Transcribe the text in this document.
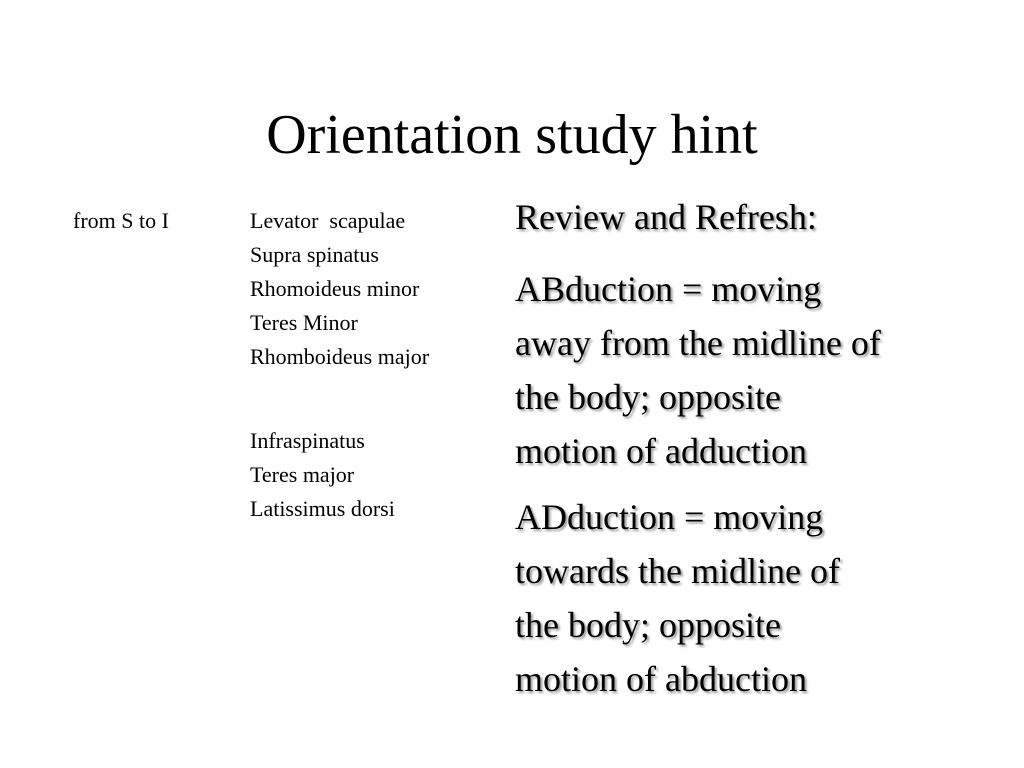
Orientation study hint
from S to I	Levator  scapulae
Supra spinatus
Rhomoideus minor
Teres Minor
Rhomboideus major
Infraspinatus
Teres major
Latissimus dorsi

Review and Refresh:

ABduction = moving
away from the midline of
the body; opposite
motion of adduction

ADduction = moving
towards the midline of
the body; opposite
motion of abduction
